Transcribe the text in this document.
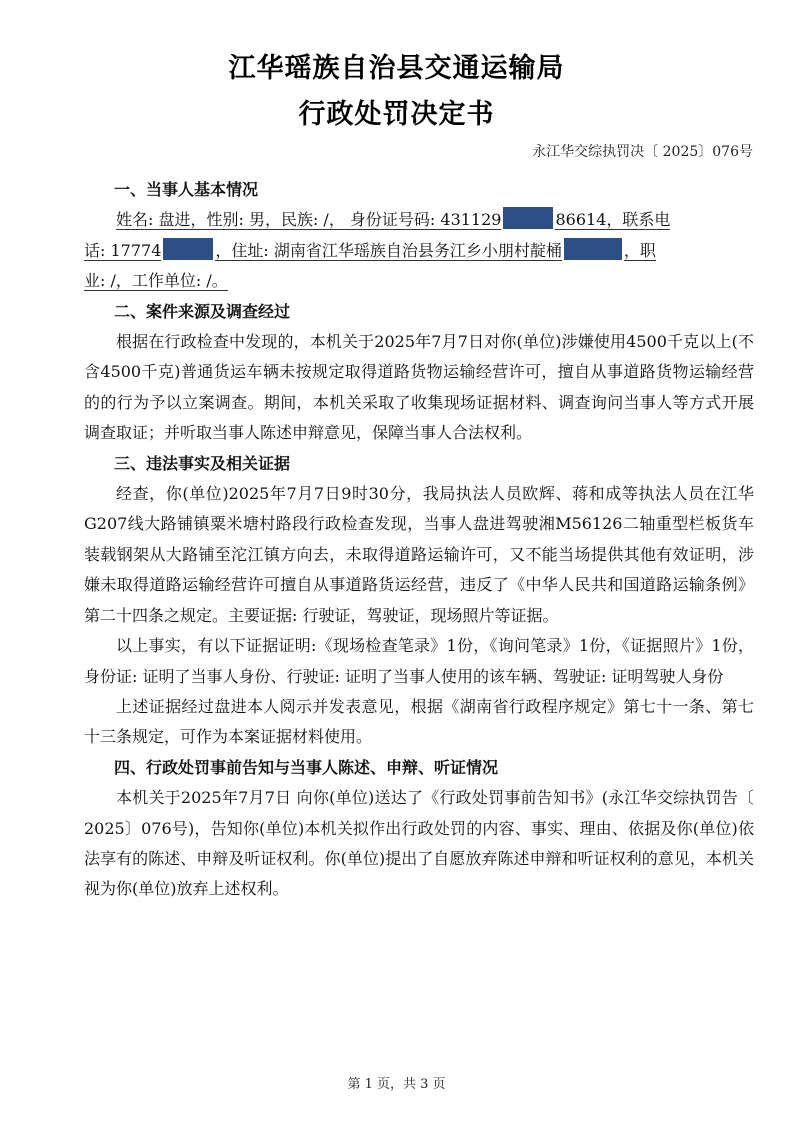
江华瑶族自治县交通运输局
行政处罚决定书
永江华交综执罚决〔 2025〕076号
一、当事人基本情况

姓名: 盘进，性别: 男，民族: /， 身份证号码: 431129	86614，联系电
话: 17774	，住址: 湖南省江华瑶族自治县务江乡小朋村靛桶	，职
业: /，工作单位: /。

二、案件来源及调查经过

根据在行政检查中发现的，本机关于2025年7月7日对你(单位)涉嫌使用4500千克以上(不含4500千克)普通货运车辆未按规定取得道路货物运输经营许可，擅自从事道路货物运输经营的的行为予以立案调查。期间，本机关采取了收集现场证据材料、调查询问当事人等方式开展调查取证；并听取当事人陈述申辩意见，保障当事人合法权利。

三、违法事实及相关证据

经查，你(单位)2025年7月7日9时30分，我局执法人员欧辉、蒋和成等执法人员在江华G207线大路铺镇粟米塘村路段行政检查发现，当事人盘进驾驶湘M56126二轴重型栏板货车装载钢架从大路铺至沱江镇方向去，未取得道路运输许可，又不能当场提供其他有效证明，涉嫌未取得道路运输经营许可擅自从事道路货运经营，违反了《中华人民共和国道路运输条例》第二十四条之规定。主要证据: 行驶证，驾驶证，现场照片等证据。

以上事实，有以下证据证明:《现场检查笔录》1份，《询问笔录》1份，《证据照片》1份，身份证: 证明了当事人身份、行驶证: 证明了当事人使用的该车辆、驾驶证: 证明驾驶人身份

上述证据经过盘进本人阅示并发表意见，根据《湖南省行政程序规定》第七十一条、第七十三条规定，可作为本案证据材料使用。

四、行政处罚事前告知与当事人陈述、申辩、听证情况

本机关于2025年7月7日 向你(单位)送达了《行政处罚事前告知书》(永江华交综执罚告〔 2025〕076号)，告知你(单位)本机关拟作出行政处罚的内容、事实、理由、依据及你(单位)依法享有的陈述、申辩及听证权利。你(单位)提出了自愿放弃陈述申辩和听证权利的意见，本机关视为你(单位)放弃上述权利。

第 1 页，共 3 页
